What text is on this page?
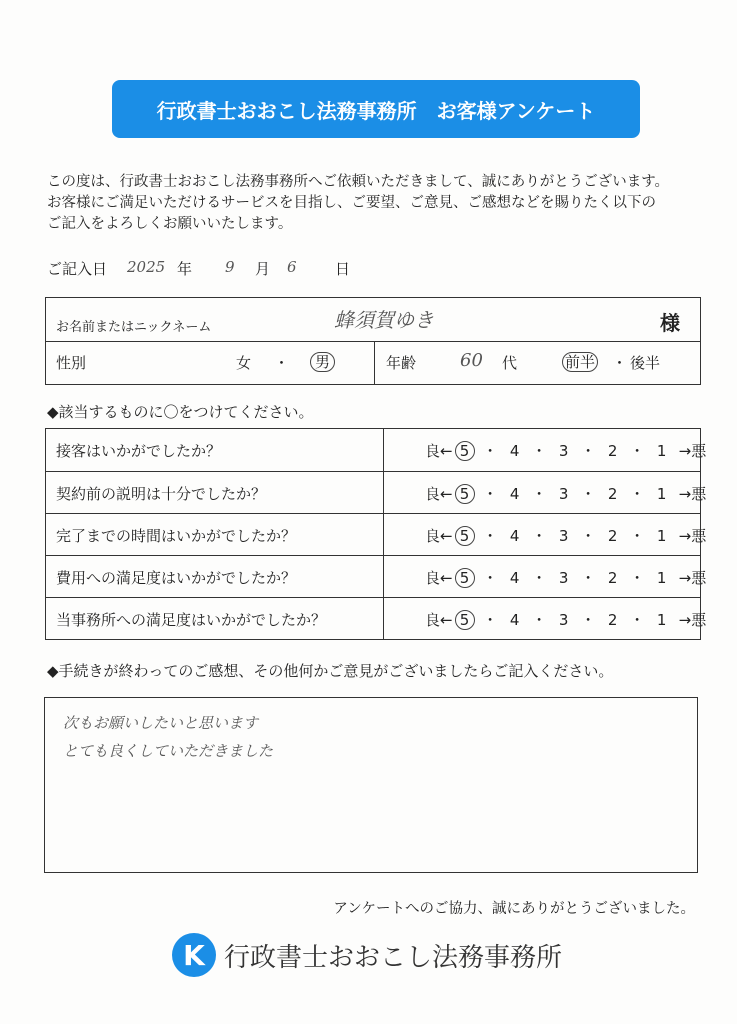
行政書士おおこし法務事務所　お客様アンケート
この度は、行政書士おおこし法務事務所へご依頼いただきまして、誠にありがとうございます。
お客様にご満足いただけるサービスを目指し、ご要望、ご意見、ご感想などを賜りたく以下の
ご記入をよろしくお願いいたします。
ご記入日 2025 年 9 月 6	日
お名前またはニックネーム	蜂須賀ゆき	様
性別	女 ・	男	年齢 60 代	前半 ・ 後半
◆該当するものに〇をつけてください。
接客はいかがでしたか？	良← 5 ・ 4 ・ 3 ・ 2 ・ 1 →悪
契約前の説明は十分でしたか？	良← 5 ・ 4 ・ 3 ・ 2 ・ 1 →悪
完了までの時間はいかがでしたか？	良← 5 ・ 4 ・ 3 ・ 2 ・ 1 →悪
費用への満足度はいかがでしたか？	良← 5 ・ 4 ・ 3 ・ 2 ・ 1 →悪
当事務所への満足度はいかがでしたか？	良← 5 ・ 4 ・ 3 ・ 2 ・ 1 →悪
◆手続きが終わってのご感想、その他何かご意見がございましたらご記入ください。
次もお願いしたいと思います
とても良くしていただきました
アンケートへのご協力、誠にありがとうございました。
K 行政書士おおこし法務事務所
